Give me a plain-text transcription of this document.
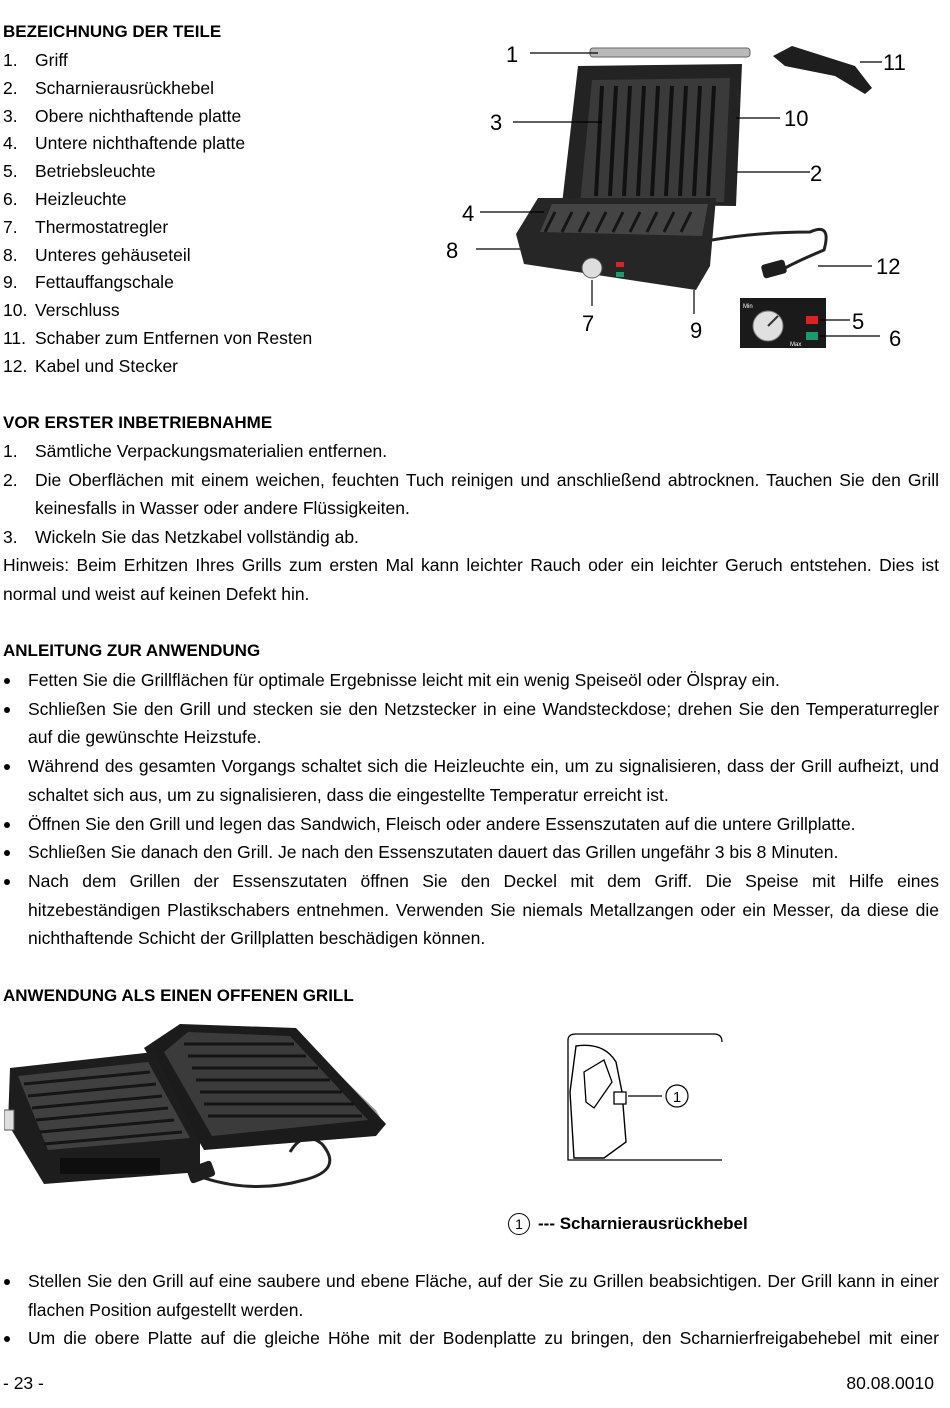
BEZEICHNUNG DER TEILE
1. Griff
2. Scharnierausrückhebel
3. Obere nichthaftende platte
4. Untere nichthaftende platte
5. Betriebsleuchte
6. Heizleuchte
7. Thermostatregler
8. Unteres gehäuseteil
9. Fettauffangschale
10. Verschluss
11. Schaber zum Entfernen von Resten
12. Kabel und Stecker
Min
Max
1
3
4
8
7	9
10
2
11
12
5
6
VOR ERSTER INBETRIEBNAHME
1. Sämtliche Verpackungsmaterialien entfernen.
2. Die Oberflächen mit einem weichen, feuchten Tuch reinigen und anschließend abtrocknen. Tauchen Sie den Grill keinesfalls in Wasser oder andere Flüssigkeiten.
3. Wickeln Sie das Netzkabel vollständig ab.
Hinweis: Beim Erhitzen Ihres Grills zum ersten Mal kann leichter Rauch oder ein leichter Geruch entstehen. Dies ist normal und weist auf keinen Defekt hin.
ANLEITUNG ZUR ANWENDUNG
Fetten Sie die Grillflächen für optimale Ergebnisse leicht mit ein wenig Speiseöl oder Ölspray ein.
Schließen Sie den Grill und stecken sie den Netzstecker in eine Wandsteckdose; drehen Sie den Temperaturregler auf die gewünschte Heizstufe.
Während des gesamten Vorgangs schaltet sich die Heizleuchte ein, um zu signalisieren, dass der Grill aufheizt, und schaltet sich aus, um zu signalisieren, dass die eingestellte Temperatur erreicht ist.
Öffnen Sie den Grill und legen das Sandwich, Fleisch oder andere Essenszutaten auf die untere Grillplatte.
Schließen Sie danach den Grill. Je nach den Essenszutaten dauert das Grillen ungefähr 3 bis 8 Minuten.
Nach dem Grillen der Essenszutaten öffnen Sie den Deckel mit dem Griff. Die Speise mit Hilfe eines hitzebeständigen Plastikschabers entnehmen. Verwenden Sie niemals Metallzangen oder ein Messer, da diese die nichthaftende Schicht der Grillplatten beschädigen können.
ANWENDUNG ALS EINEN OFFENEN GRILL
1
1 --- Scharnierausrückhebel
Stellen Sie den Grill auf eine saubere und ebene Fläche, auf der Sie zu Grillen beabsichtigen. Der Grill kann in einer flachen Position aufgestellt werden.
Um die obere Platte auf die gleiche Höhe mit der Bodenplatte zu bringen, den Scharnierfreigabehebel mit einer
- 23 -	80.08.0010
